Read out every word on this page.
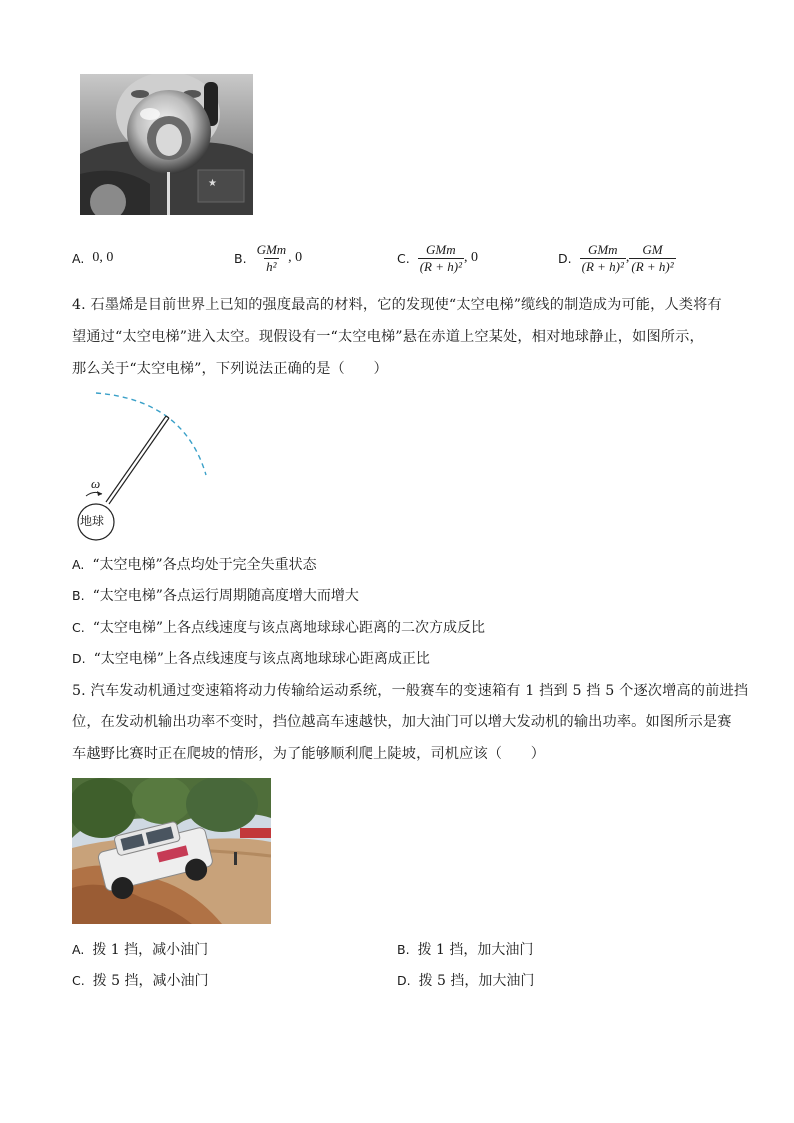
★
A. 0, 0	B. $\frac{\text{GMm}}{\text{h²}}$ , 0	C. $\frac{\text{GMm}}{\text{(R + h)²}}$ , 0	D. $\frac{\text{GMm}}{\text{(R + h)²}}$ , $\frac{GM}{\text{(R + h)²}}$
4. 石墨烯是目前世界上已知的强度最高的材料，它的发现使“太空电梯”缆线的制造成为可能，人类将有
望通过“太空电梯”进入太空。现假设有一“太空电梯”悬在赤道上空某处，相对地球静止，如图所示，
那么关于“太空电梯”，下列说法正确的是（　　）
ω
地球
A. “太空电梯”各点均处于完全失重状态
B. “太空电梯”各点运行周期随高度增大而增大
C. “太空电梯”上各点线速度与该点离地球球心距离的二次方成反比
D. “太空电梯”上各点线速度与该点离地球球心距离成正比
5. 汽车发动机通过变速箱将动力传输给运动系统，一般赛车的变速箱有 1 挡到 5 挡 5 个逐次增高的前进挡
位，在发动机输出功率不变时，挡位越高车速越快，加大油门可以增大发动机的输出功率。如图所示是赛
车越野比赛时正在爬坡的情形，为了能够顺利爬上陡坡，司机应该（　　）
A. 拨 1 挡，减小油门	B. 拨 1 挡，加大油门
C. 拨 5 挡，减小油门	D. 拨 5 挡，加大油门
